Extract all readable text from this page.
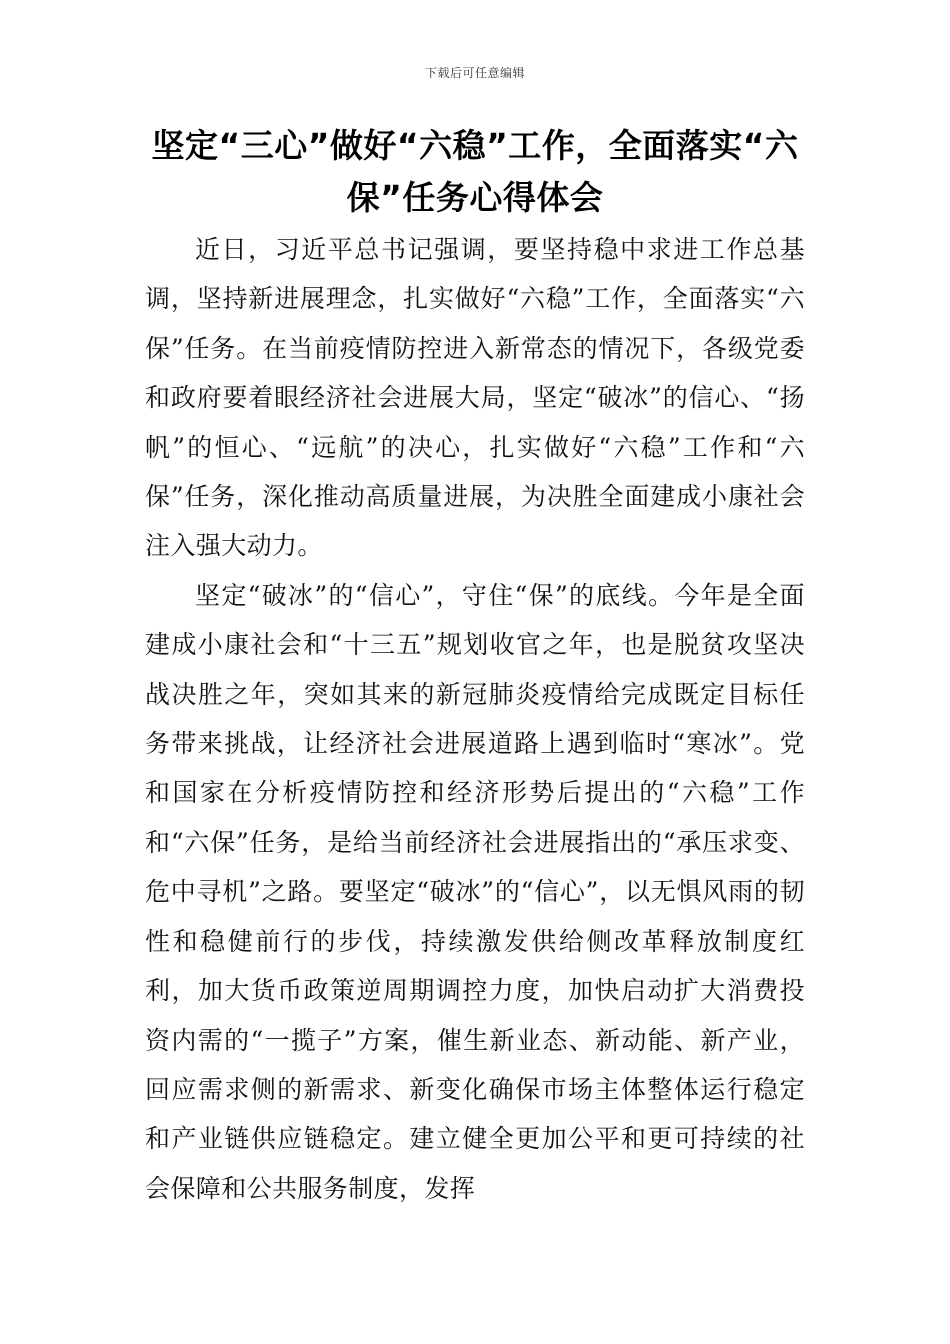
下载后可任意编辑
坚定“三心”做好“六稳”工作，全面落实“六保”任务心得体会

近日，习近平总书记强调，要坚持稳中求进工作总基调，坚持新进展理念，扎实做好“六稳”工作，全面落实“六保”任务。在当前疫情防控进入新常态的情况下，各级党委和政府要着眼经济社会进展大局，坚定“破冰”的信心、“扬帆”的恒心、“远航”的决心，扎实做好“六稳”工作和“六保”任务，深化推动高质量进展，为决胜全面建成小康社会注入强大动力。

坚定“破冰”的“信心”，守住“保”的底线。今年是全面建成小康社会和“十三五”规划收官之年，也是脱贫攻坚决战决胜之年，突如其来的新冠肺炎疫情给完成既定目标任务带来挑战，让经济社会进展道路上遇到临时“寒冰”。党和国家在分析疫情防控和经济形势后提出的“六稳”工作和“六保”任务，是给当前经济社会进展指出的“承压求变、危中寻机”之路。要坚定“破冰”的“信心”，以无惧风雨的韧性和稳健前行的步伐，持续激发供给侧改革释放制度红利，加大货币政策逆周期调控力度，加快启动扩大消费投资内需的“一揽子”方案，催生新业态、新动能、新产业，回应需求侧的新需求、新变化确保市场主体整体运行稳定和产业链供应链稳定。建立健全更加公平和更可持续的社会保障和公共服务制度，发挥
